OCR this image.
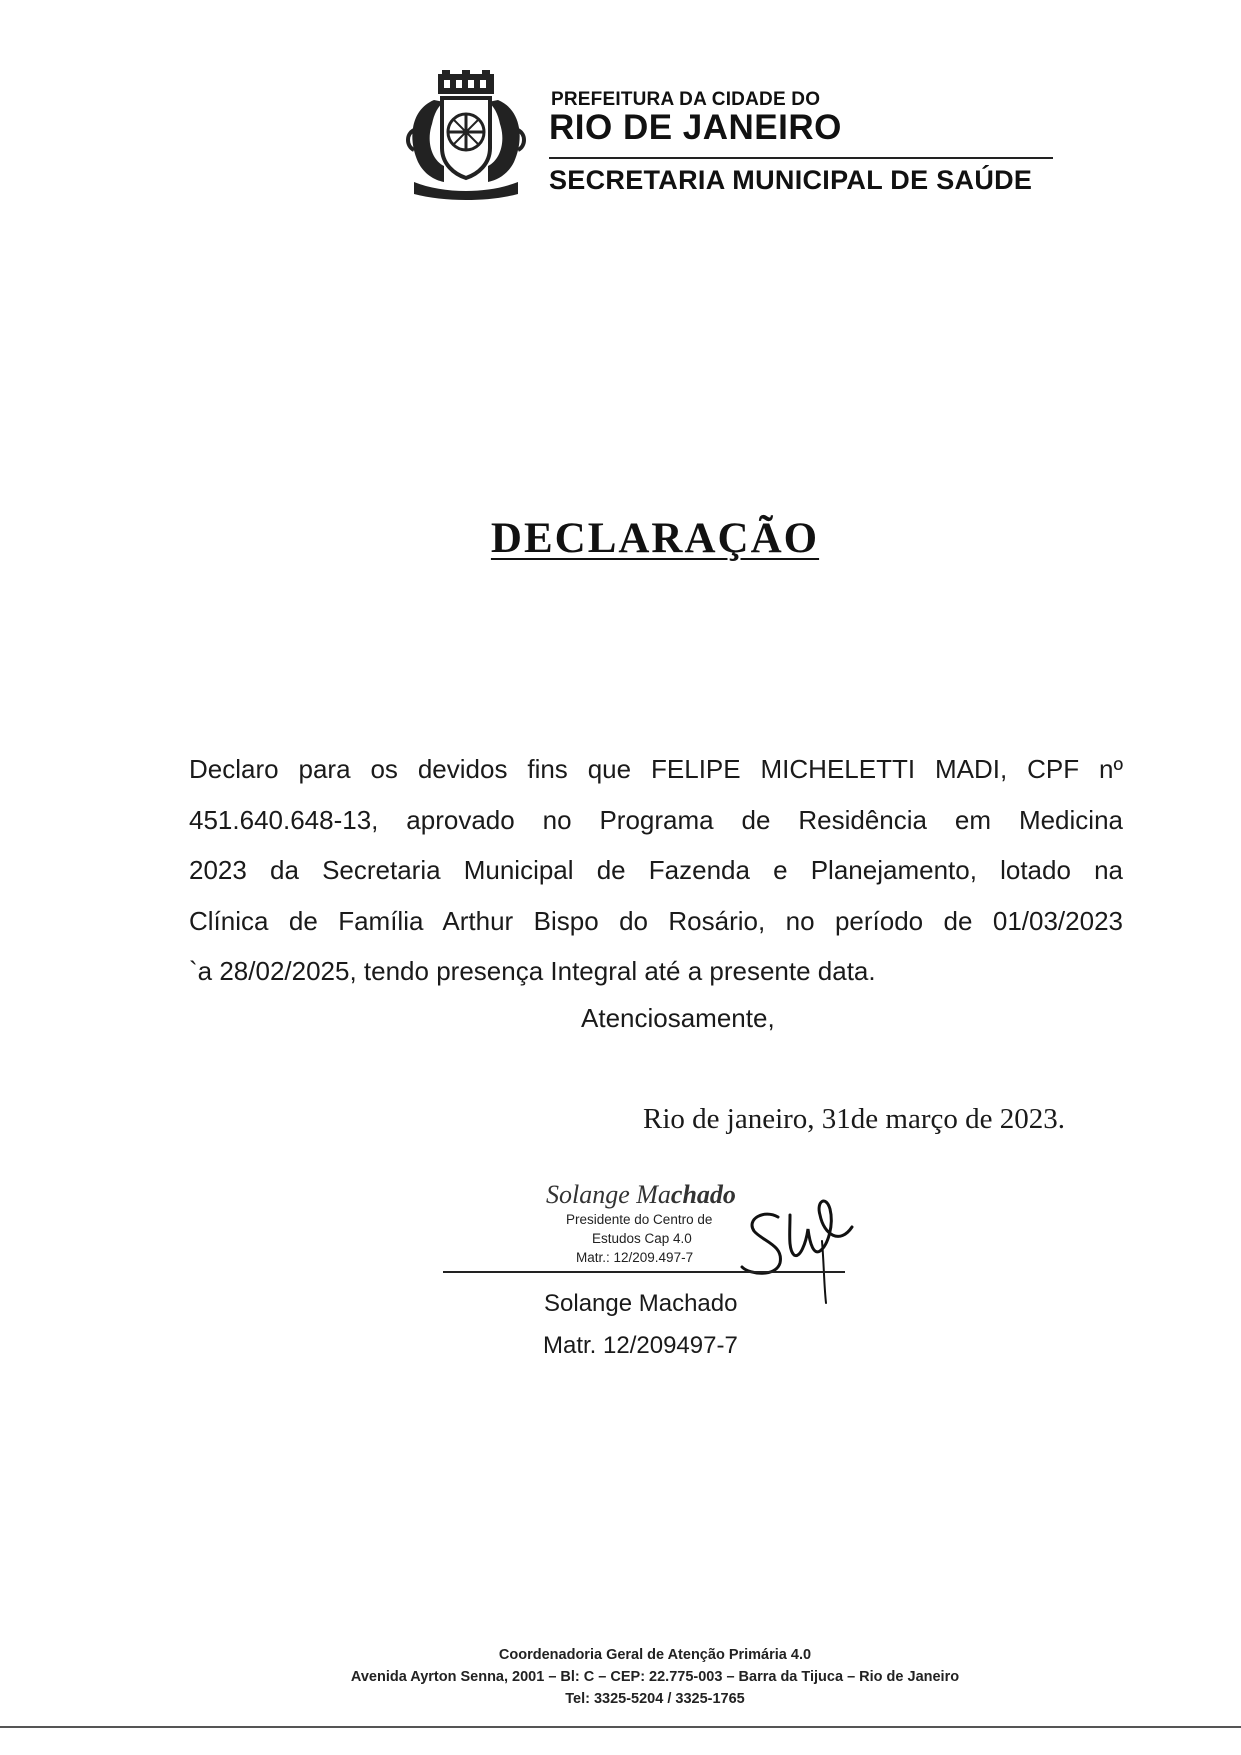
PREFEITURA DA CIDADE DO
RIO DE JANEIRO
SECRETARIA MUNICIPAL DE SAÚDE
DECLARAÇÃO
Declaro para os devidos fins que FELIPE MICHELETTI MADI, CPF nº
451.640.648-13, aprovado no Programa de Residência em Medicina
2023 da Secretaria Municipal de Fazenda e Planejamento, lotado na
Clínica de Família Arthur Bispo do Rosário, no período de 01/03/2023
`a 28/02/2025, tendo presença Integral até a presente data.
Atenciosamente,
Rio de janeiro, 31de março de 2023.
Solange Machado
Presidente do Centro de
Estudos Cap 4.0
Matr.: 12/209.497-7
Solange Machado
Matr. 12/209497-7
Coordenadoria Geral de Atenção Primária 4.0
Avenida Ayrton Senna, 2001 – Bl: C – CEP: 22.775-003 – Barra da Tijuca – Rio de Janeiro
Tel: 3325-5204 / 3325-1765
